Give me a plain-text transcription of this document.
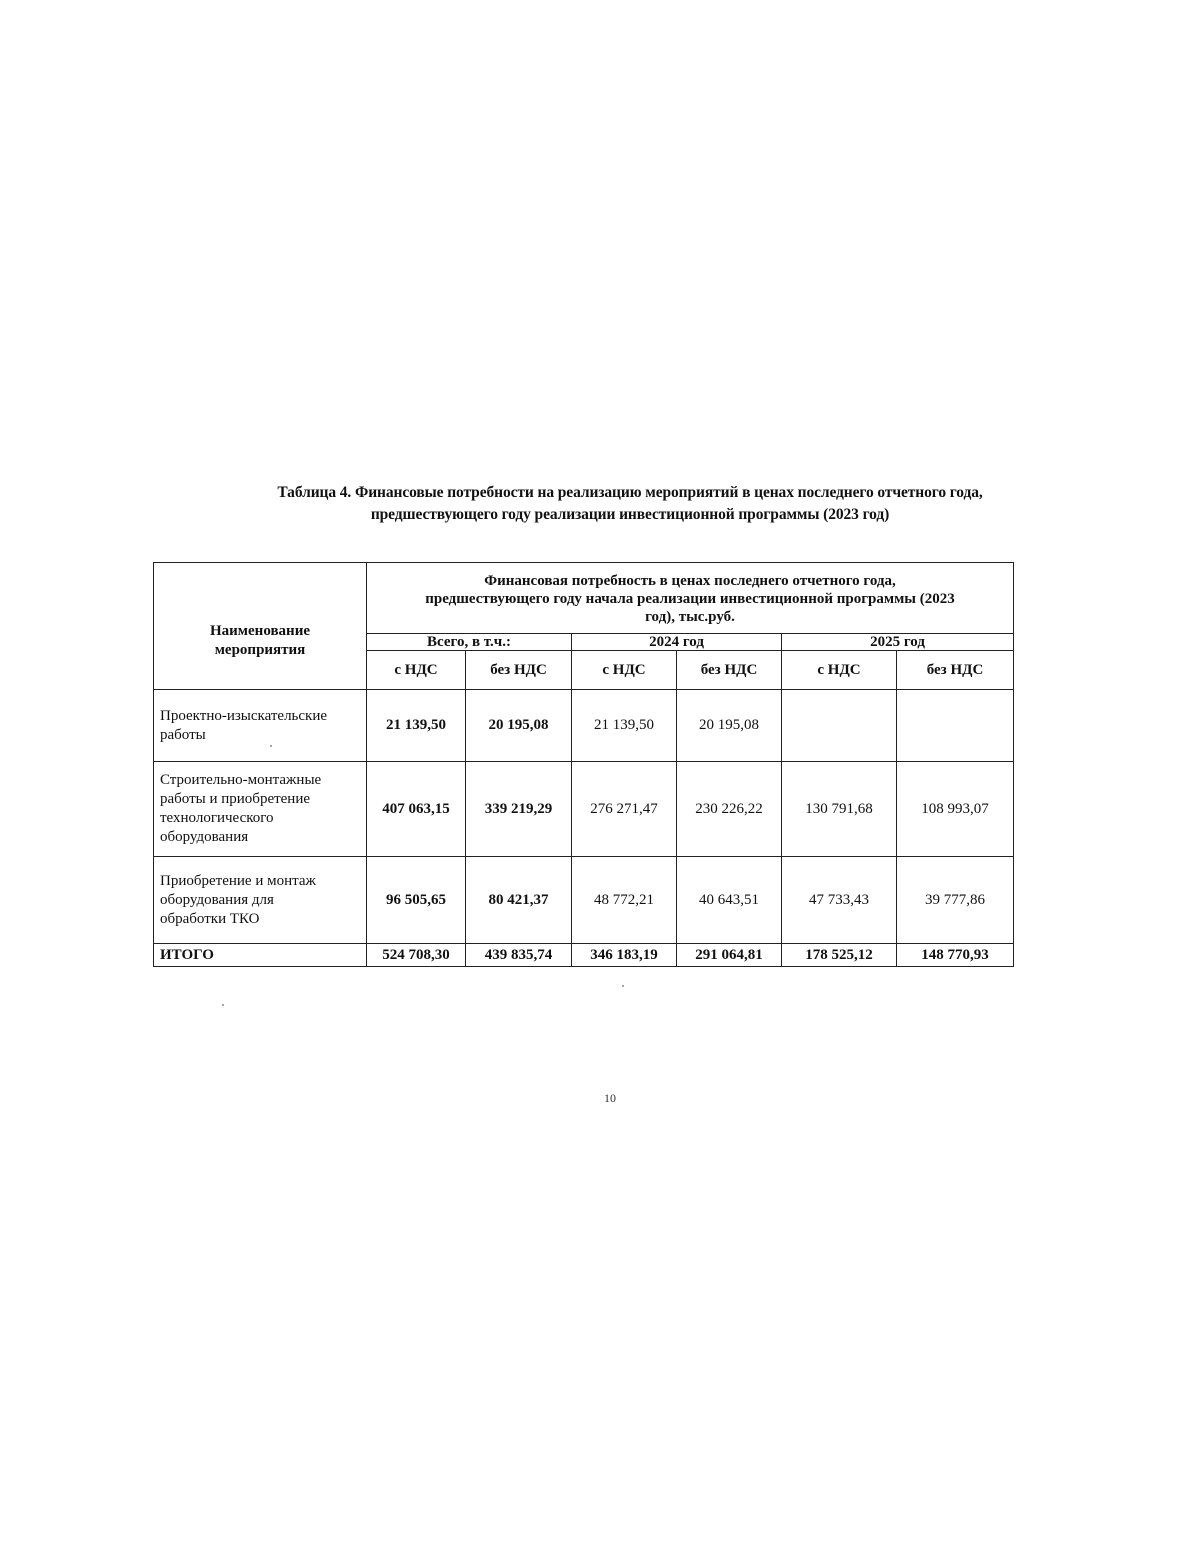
Таблица 4. Финансовые потребности на реализацию мероприятий в ценах последнего отчетного года,
предшествующего году реализации инвестиционной программы (2023 год)
Наименование
мероприятия	Финансовая потребность в ценах последнего отчетного года,
предшествующего году начала реализации инвестиционной программы (2023
год), тыс.руб.					

	Всего, в т.ч.:		2024 год		2025 год	
	с НДС	без НДС	с НДС	без НДС	с НДС	без НДС

Проектно-изыскательские
работы	21 139,50	20 195,08	21 139,50	20 195,08		

Строительно-монтажные
работы и приобретение
технологического
оборудования	407 063,15	339 219,29	276 271,47	230 226,22	130 791,68	108 993,07

Приобретение и монтаж
оборудования для
обработки ТКО	96 505,65	80 421,37	48 772,21	40 643,51	47 733,43	39 777,86
ИТОГО	524 708,30	439 835,74	346 183,19	291 064,81	178 525,12	148 770,93
10
